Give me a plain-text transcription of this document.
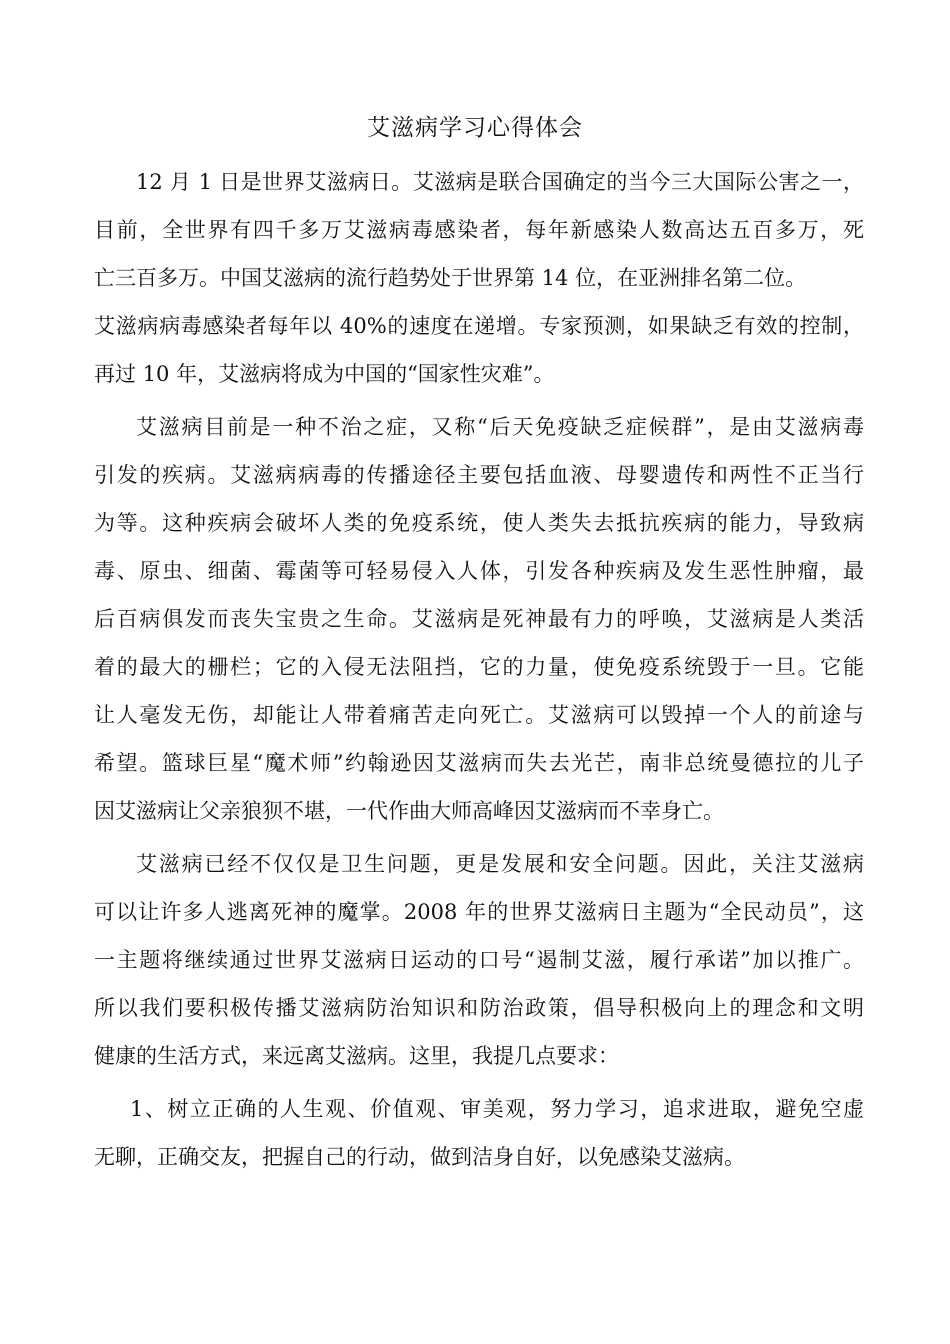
艾滋病学习心得体会
12 月 1 日是世界艾滋病日。艾滋病是联合国确定的当今三大国际公害之一，
目前，全世界有四千多万艾滋病毒感染者，每年新感染人数高达五百多万，死
亡三百多万。中国艾滋病的流行趋势处于世界第 14 位，在亚洲排名第二位。
艾滋病病毒感染者每年以 40%的速度在递增。专家预测，如果缺乏有效的控制，
再过 10 年，艾滋病将成为中国的“国家性灾难”。
艾滋病目前是一种不治之症，又称“后天免疫缺乏症候群”，是由艾滋病毒
引发的疾病。艾滋病病毒的传播途径主要包括血液、母婴遗传和两性不正当行
为等。这种疾病会破坏人类的免疫系统，使人类失去抵抗疾病的能力，导致病
毒、原虫、细菌、霉菌等可轻易侵入人体，引发各种疾病及发生恶性肿瘤，最
后百病俱发而丧失宝贵之生命。艾滋病是死神最有力的呼唤，艾滋病是人类活
着的最大的栅栏；它的入侵无法阻挡，它的力量，使免疫系统毁于一旦。它能
让人毫发无伤，却能让人带着痛苦走向死亡。艾滋病可以毁掉一个人的前途与
希望。篮球巨星“魔术师”约翰逊因艾滋病而失去光芒，南非总统曼德拉的儿子
因艾滋病让父亲狼狈不堪，一代作曲大师高峰因艾滋病而不幸身亡。
艾滋病已经不仅仅是卫生问题，更是发展和安全问题。因此，关注艾滋病
可以让许多人逃离死神的魔掌。2008 年的世界艾滋病日主题为“全民动员”，这
一主题将继续通过世界艾滋病日运动的口号“遏制艾滋，履行承诺”加以推广。
所以我们要积极传播艾滋病防治知识和防治政策，倡导积极向上的理念和文明
健康的生活方式，来远离艾滋病。这里，我提几点要求：
1、树立正确的人生观、价值观、审美观，努力学习，追求进取，避免空虚
无聊，正确交友，把握自己的行动，做到洁身自好，以免感染艾滋病。
